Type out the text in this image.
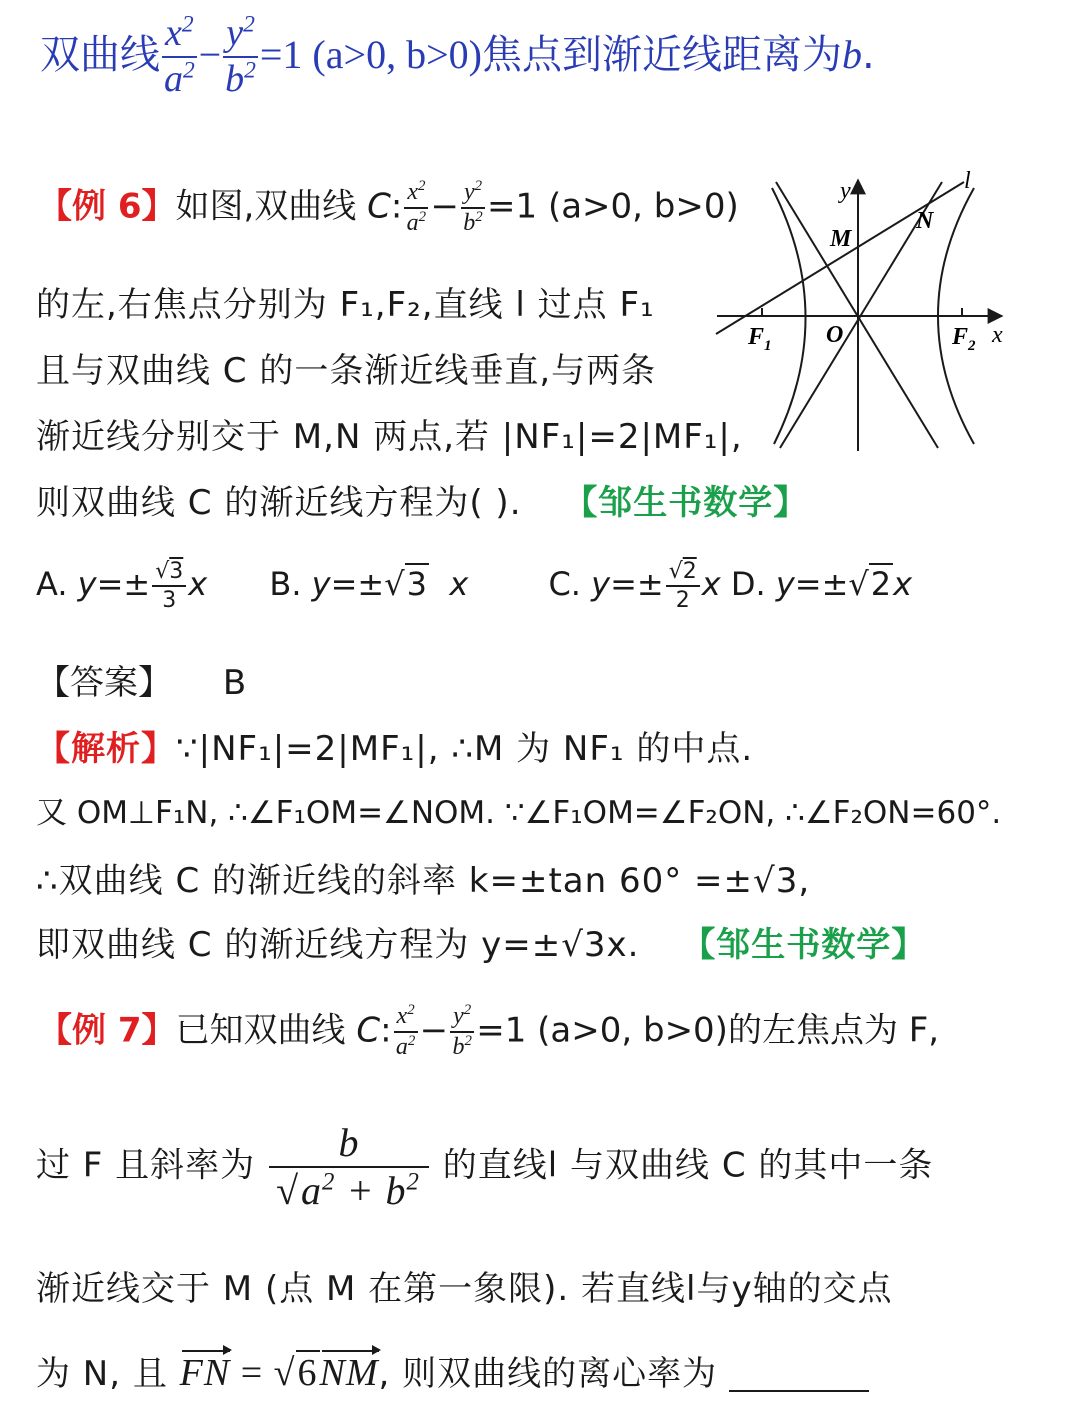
双曲线 $\frac{x^2}{a^2} - \frac{y^2}{b^2} =1$ (a>0, b>0)焦点到渐近线距离为b.
【例 6】如图,双曲线 C: $\frac{x^2}{a^2} - \frac{y^2}{b^2} =1$ (a>0, b>0)
的左,右焦点分别为 F₁,F₂,直线 l 过点 F₁
且与双曲线 C 的一条渐近线垂直,与两条
渐近线分别交于 M,N 两点,若 |NF₁|=2|MF₁|,
则双曲线 C 的渐近线方程为( ). 【邹生书数学】
A. $y=\pm \frac{√3}{3}$ x B. y=±√3 x	C. $y=\pm \frac{√2}{2}$ x D. y=±√2x
【答案】 B
【解析】∵|NF₁|=2|MF₁|, ∴M 为 NF₁ 的中点.
又 OM⊥F₁N, ∴∠F₁OM=∠NOM. ∵∠F₁OM=∠F₂ON, ∴∠F₂ON=60°.
∴双曲线 C 的渐近线的斜率 k=±tan 60° =±√3,
即双曲线 C 的渐近线方程为 y=±√3x. 【邹生书数学】
【例 7】已知双曲线 C: $\frac{x^2}{a^2} - \frac{y^2}{b^2} =1$ (a>0, b>0)的左焦点为 F,
过 F 且斜率为 $\frac{b}{√a^2 + b^2}$ 的直线l 与双曲线 C 的其中一条
渐近线交于 M (点 M 在第一象限). 若直线l与y轴的交点
为 N, 且 FN = √6NM, 则双曲线的离心率为
y
x
l
M
N
O
$F_1$	$F_2$
